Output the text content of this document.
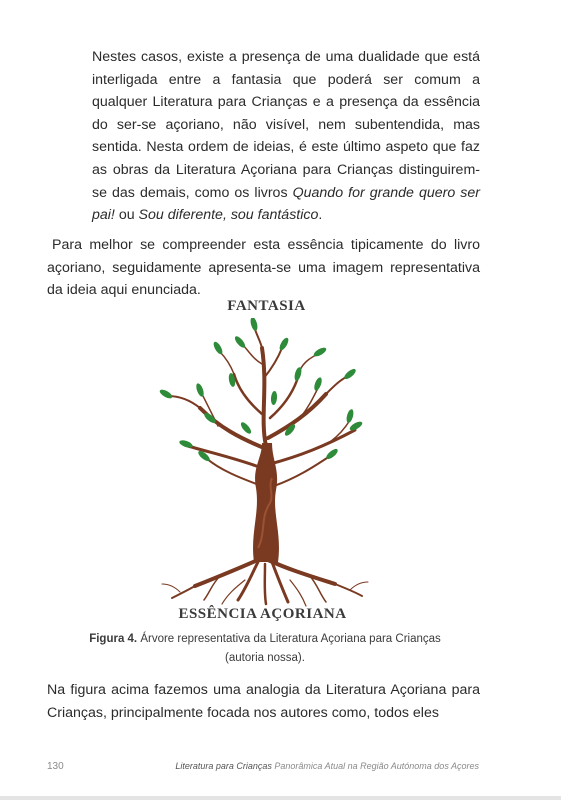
Nestes casos, existe a presença de uma dualidade que está interligada entre a fantasia que poderá ser comum a qualquer Literatura para Crianças e a presença da essência do ser-se açoriano, não visível, nem subentendida, mas sentida. Nesta ordem de ideias, é este último aspeto que faz as obras da Literatura Açoriana para Crianças distinguirem-se das demais, como os livros Quando for grande quero ser pai! ou Sou diferente, sou fantástico.

Para melhor se compreender esta essência tipicamente do livro açoriano, seguidamente apresenta-se uma imagem representativa da ideia aqui enunciada.

FANTASIA
ESSÊNCIA AÇORIANA
Figura 4. Árvore representativa da Literatura Açoriana para Crianças
(autoria nossa).

Na figura acima fazemos uma analogia da Literatura Açoriana para Crianças, principalmente focada nos autores como, todos eles

130	Literatura para Crianças Panorâmica Atual na Região Autónoma dos Açores
